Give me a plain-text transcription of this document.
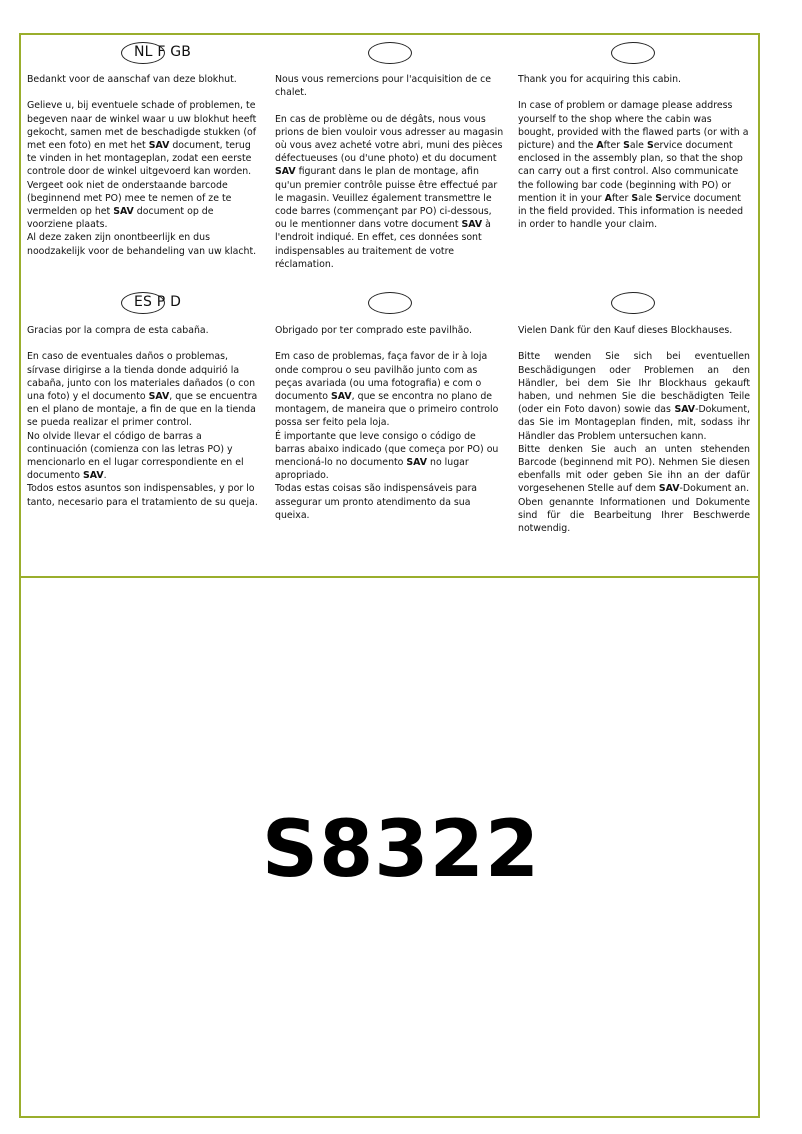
NL F GB

Bedankt voor de aanschaf van deze blokhut.

Gelieve u, bij eventuele schade of problemen, te begeven naar de winkel waar u uw blokhut heeft gekocht, samen met de beschadigde stukken (of met een foto) en met het SAV document, terug te vinden in het montageplan, zodat een eerste controle door de winkel uitgevoerd kan worden. Vergeet ook niet de onderstaande barcode (beginnend met PO) mee te nemen of ze te vermelden op het SAV document op de voorziene plaats.

Al deze zaken zijn onontbeerlijk en dus noodzakelijk voor de behandeling van uw klacht.

Nous vous remercions pour l'acquisition de ce chalet.

En cas de problème ou de dégâts, nous vous prions de bien vouloir vous adresser au magasin où vous avez acheté votre abri, muni des pièces défectueuses (ou d'une photo) et du document SAV figurant dans le plan de montage, afin qu'un premier contrôle puisse être effectué par le magasin. Veuillez également transmettre le code barres (commençant par PO) ci-dessous, ou le mentionner dans votre document SAV à l'endroit indiqué. En effet, ces données sont indispensables au traitement de votre réclamation.

Thank you for acquiring this cabin.

In case of problem or damage please address yourself to the shop where the cabin was bought, provided with the flawed parts (or with a picture) and the After Sale Service document enclosed in the assembly plan, so that the shop can carry out a first control. Also communicate the following bar code (beginning with PO) or mention it in your After Sale Service document in the field provided. This information is needed in order to handle your claim.

ES P D

Gracias por la compra de esta cabaña.

En caso de eventuales daños o problemas, sírvase dirigirse a la tienda donde adquirió la cabaña, junto con los materiales dañados (o con una foto) y el documento SAV, que se encuentra en el plano de montaje, a fin de que en la tienda se pueda realizar el primer control.

No olvide llevar el código de barras a continuación (comienza con las letras PO) y mencionarlo en el lugar correspondiente en el documento SAV.

Todos estos asuntos son indispensables, y por lo tanto, necesario para el tratamiento de su queja.

Obrigado por ter comprado este pavilhão.

Em caso de problemas, faça favor de ir à loja onde comprou o seu pavilhão junto com as peças avariada (ou uma fotografia) e com o documento SAV, que se encontra no plano de montagem, de maneira que o primeiro controlo possa ser feito pela loja.

É importante que leve consigo o código de barras abaixo indicado (que começa por PO) ou mencioná-lo no documento SAV no lugar apropriado.

Todas estas coisas são indispensáveis para assegurar um pronto atendimento da sua queixa.

Vielen Dank für den Kauf dieses Blockhauses.

Bitte wenden Sie sich bei eventuellen Beschädigungen oder Problemen an den Händler, bei dem Sie Ihr Blockhaus gekauft haben, und nehmen Sie die beschädigten Teile (oder ein Foto davon) sowie das SAV-Dokument, das Sie im Montageplan finden, mit, sodass ihr Händler das Problem untersuchen kann.

Bitte denken Sie auch an unten stehenden Barcode (beginnend mit PO). Nehmen Sie diesen ebenfalls mit oder geben Sie ihn an der dafür vorgesehenen Stelle auf dem SAV-Dokument an.

Oben genannte Informationen und Dokumente sind für die Bearbeitung Ihrer Beschwerde notwendig.

S8322
